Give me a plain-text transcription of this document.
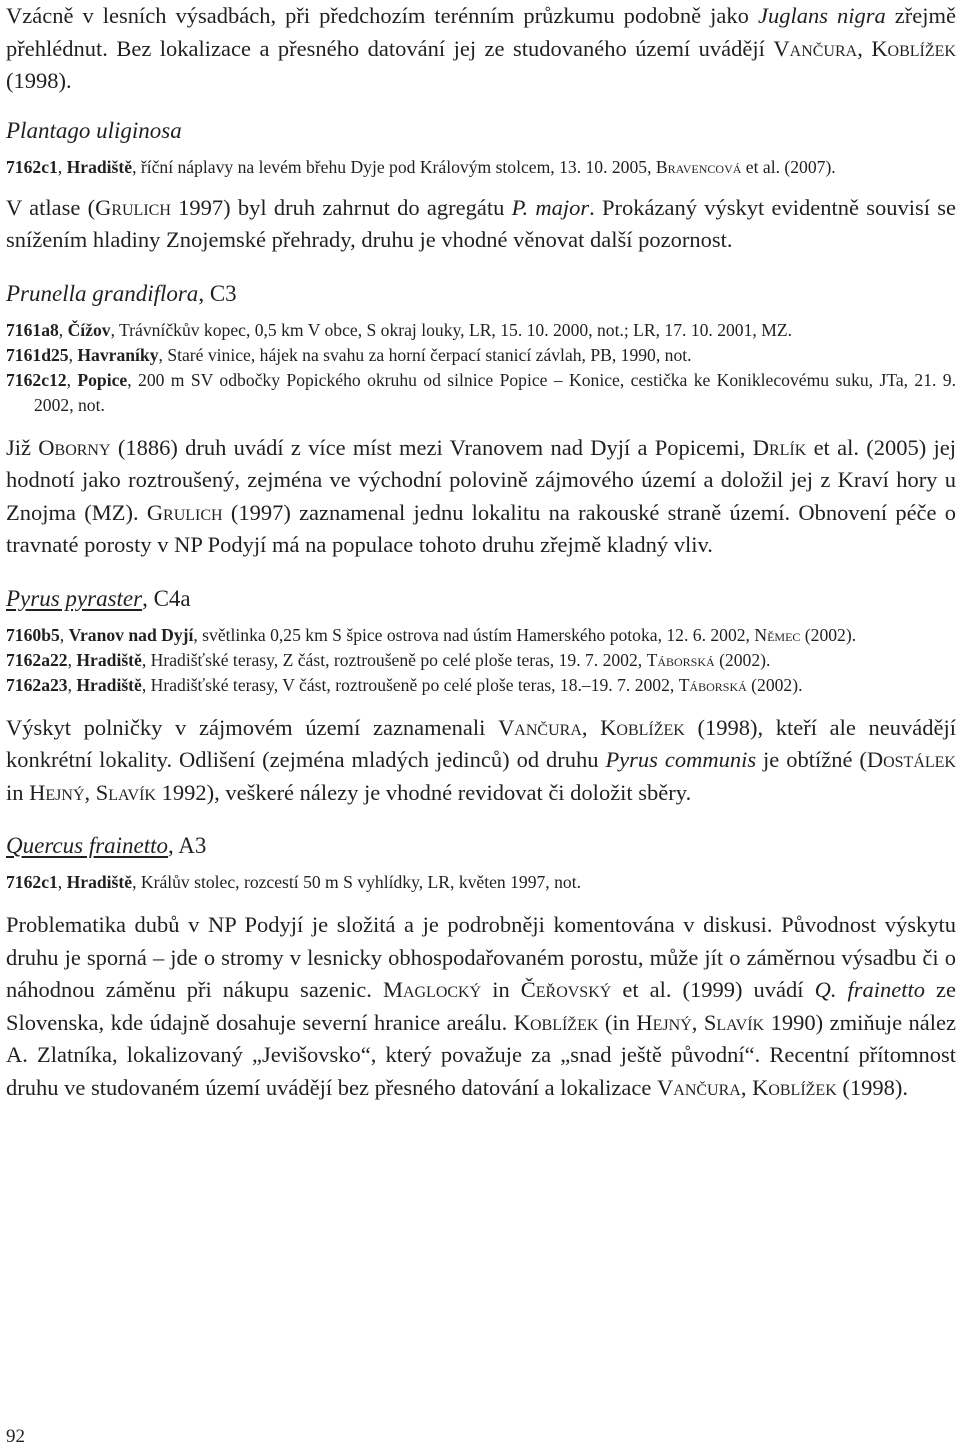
Vzácně v lesních výsadbách, při předchozím terénním průzkumu podobně jako Juglans nigra zřejmě přehlédnut. Bez lokalizace a přesného datování jej ze studovaného území uvádějí Vančura, Koblížek (1998).

Plantago uliginosa

7162c1, Hradiště, říční náplavy na levém břehu Dyje pod Královým stolcem, 13. 10. 2005, Bravencová et al. (2007).

V atlase (Grulich 1997) byl druh zahrnut do agregátu P. major. Prokázaný výskyt evidentně souvisí se snížením hladiny Znojemské přehrady, druhu je vhodné věnovat další pozornost.

Prunella grandiflora, C3

7161a8, Čížov, Trávníčkův kopec, 0,5 km V obce, S okraj louky, LR, 15. 10. 2000, not.; LR, 17. 10. 2001, MZ.

7161d25, Havraníky, Staré vinice, hájek na svahu za horní čerpací stanicí závlah, PB, 1990, not.

7162c12, Popice, 200 m SV odbočky Popického okruhu od silnice Popice – Konice, cestička ke Koniklecovému suku, JTa, 21. 9. 2002, not.

Již Oborny (1886) druh uvádí z více míst mezi Vranovem nad Dyjí a Popicemi, Drlík et al. (2005) jej hodnotí jako roztroušený, zejména ve východní polovině zájmového území a doložil jej z Kraví hory u Znojma (MZ). Grulich (1997) zaznamenal jednu lokalitu na rakouské straně území. Obnovení péče o travnaté porosty v NP Podyjí má na populace tohoto druhu zřejmě kladný vliv.

Pyrus pyraster, C4a

7160b5, Vranov nad Dyjí, světlinka 0,25 km S špice ostrova nad ústím Hamerského potoka, 12. 6. 2002, Němec (2002).

7162a22, Hradiště, Hradišťské terasy, Z část, roztroušeně po celé ploše teras, 19. 7. 2002, Táborská (2002).

7162a23, Hradiště, Hradišťské terasy, V část, roztroušeně po celé ploše teras, 18.–19. 7. 2002, Táborská (2002).

Výskyt polničky v zájmovém území zaznamenali Vančura, Koblížek (1998), kteří ale neuvádějí konkrétní lokality. Odlišení (zejména mladých jedinců) od druhu Pyrus communis je obtížné (Dostálek in Hejný, Slavík 1992), veškeré nálezy je vhodné revidovat či doložit sběry.

Quercus frainetto, A3

7162c1, Hradiště, Králův stolec, rozcestí 50 m S vyhlídky, LR, květen 1997, not.

Problematika dubů v NP Podyjí je složitá a je podrobněji komentována v diskusi. Původnost výskytu druhu je sporná – jde o stromy v lesnicky obhospodařovaném porostu, může jít o záměrnou výsadbu či o náhodnou záměnu při nákupu sazenic. Maglocký in Čeřovský et al. (1999) uvádí Q. frainetto ze Slovenska, kde údajně dosahuje severní hranice areálu. Koblížek (in Hejný, Slavík 1990) zmiňuje nález A. Zlatníka, lokalizovaný „Jevišovsko“, který považuje za „snad ještě původní“. Recentní přítomnost druhu ve studovaném území uvádějí bez přesného datování a lokalizace Vančura, Koblížek (1998).

92
